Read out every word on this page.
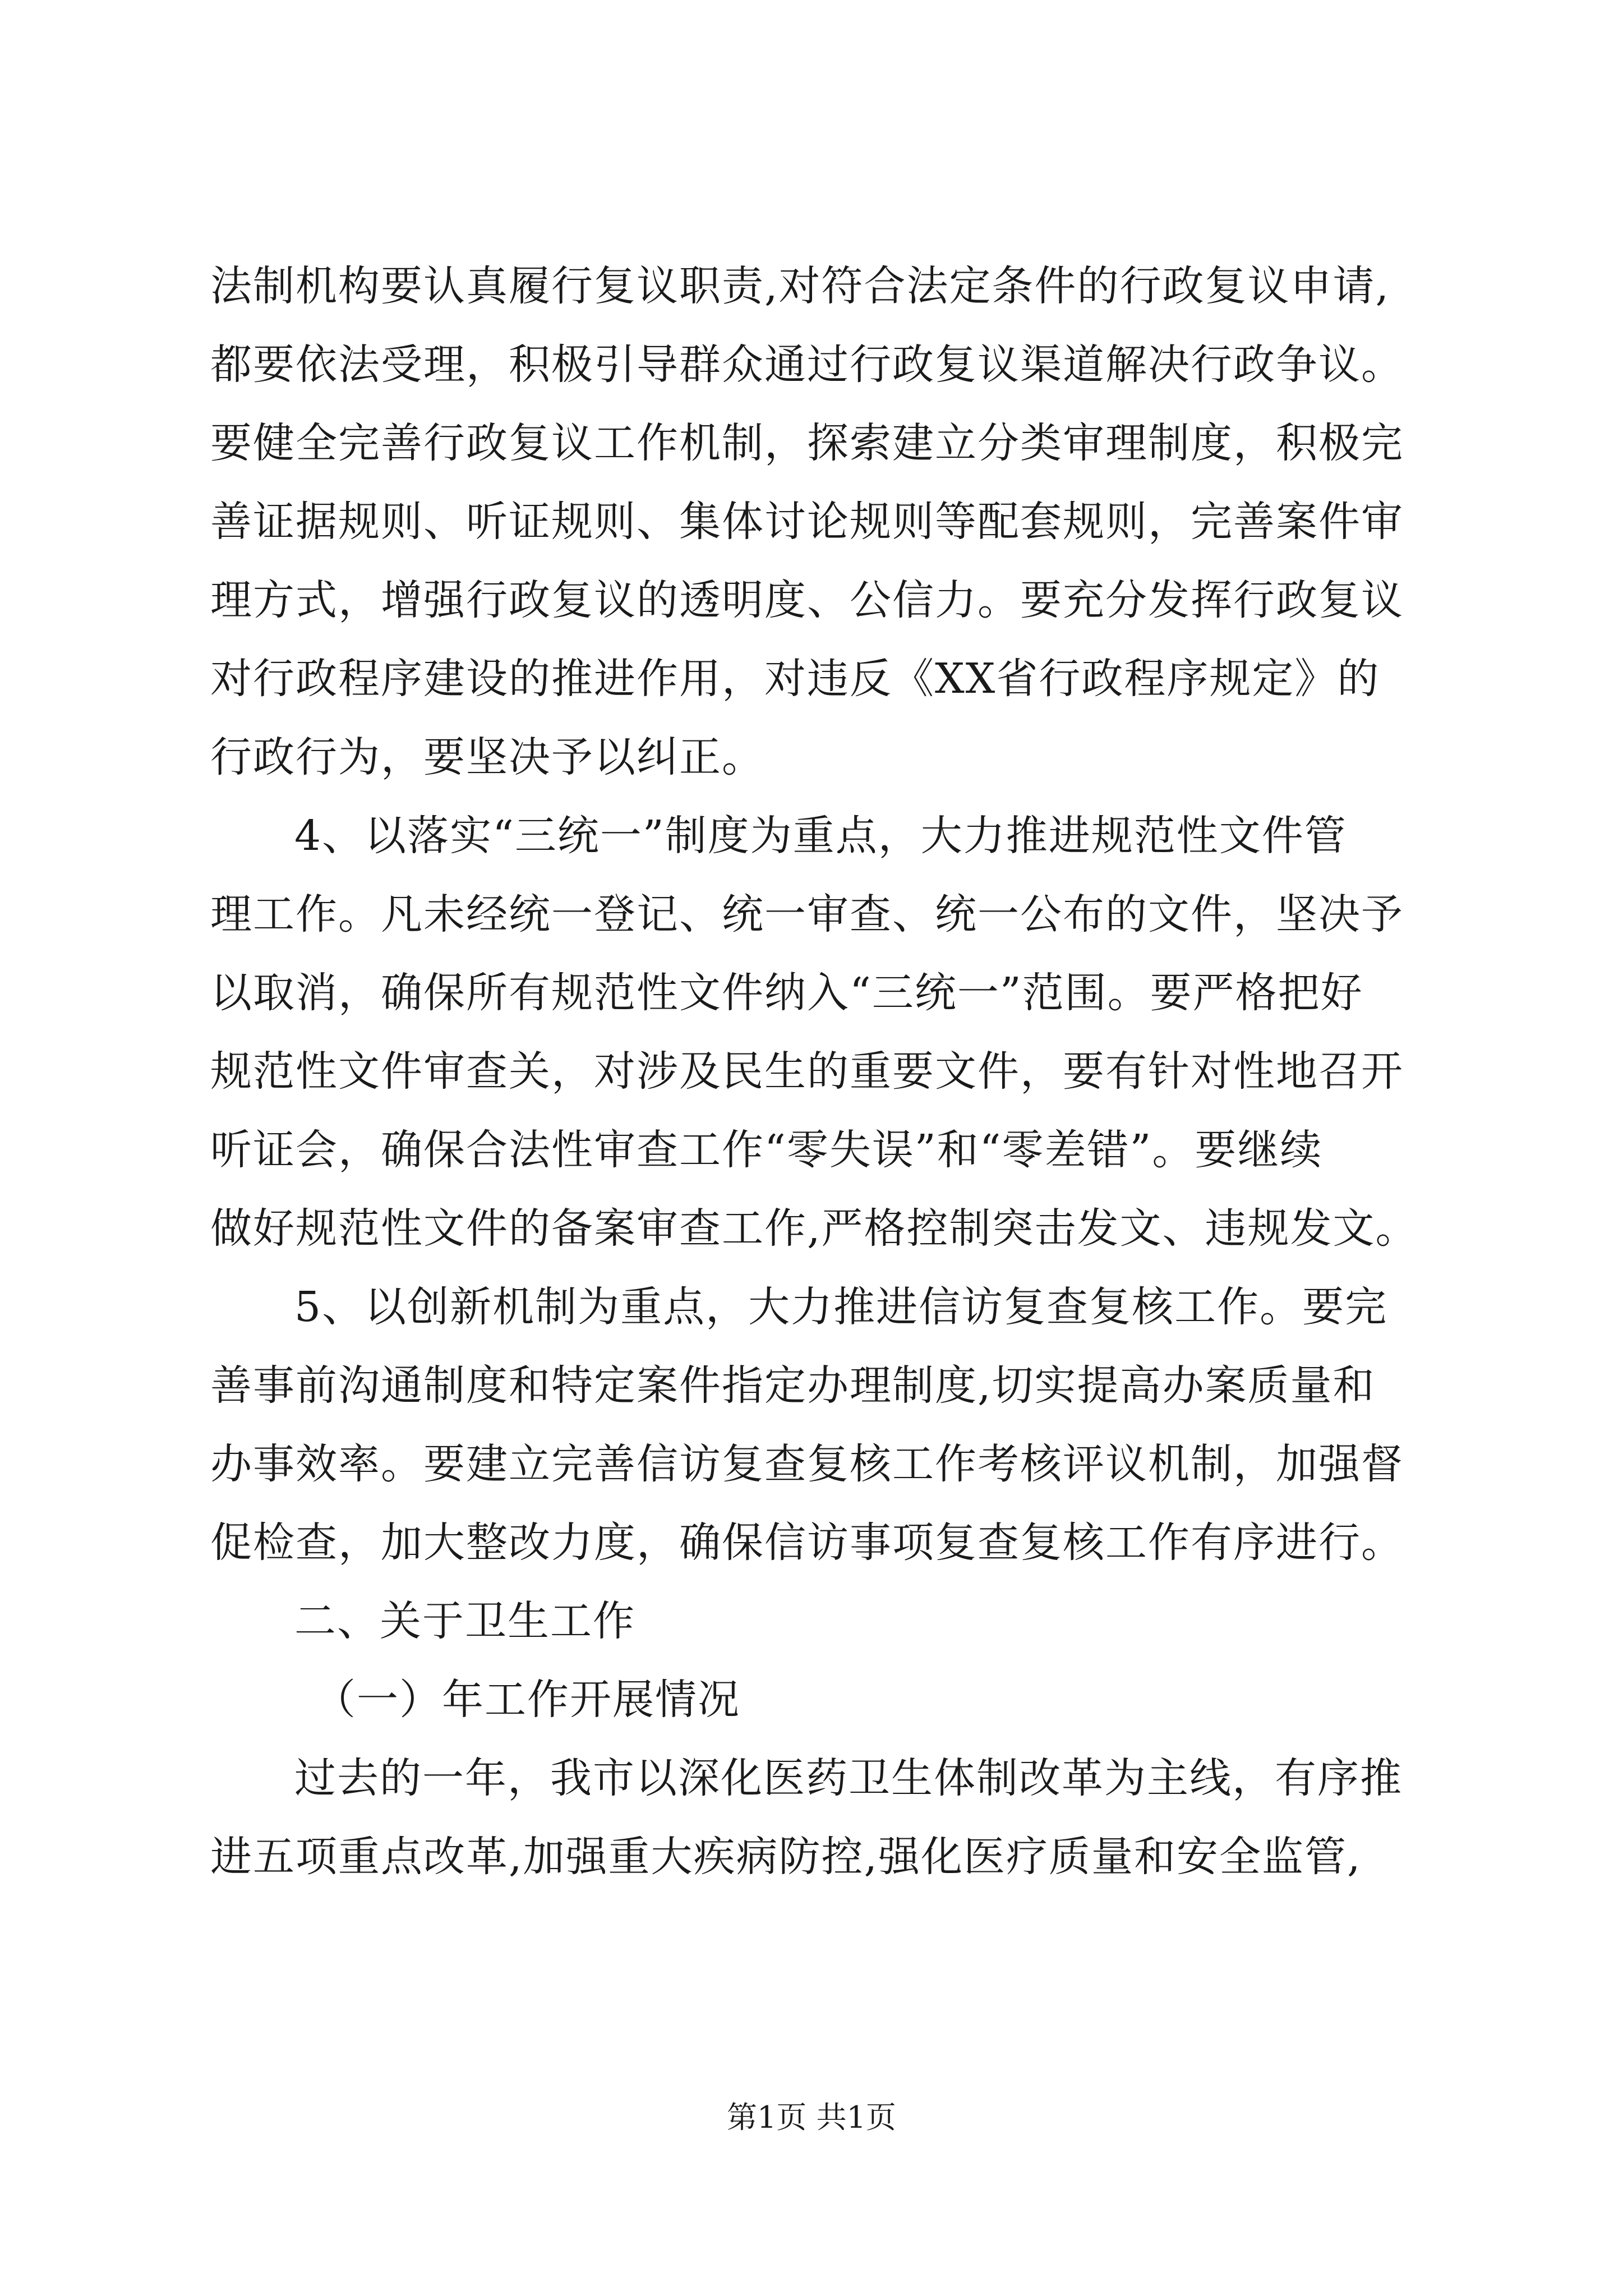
法制机构要认真履行复议职责,对符合法定条件的行政复议申请,
都要依法受理，积极引导群众通过行政复议渠道解决行政争议。
要健全完善行政复议工作机制，探索建立分类审理制度，积极完
善证据规则、听证规则、集体讨论规则等配套规则，完善案件审
理方式，增强行政复议的透明度、公信力。要充分发挥行政复议
对行政程序建设的推进作用，对违反《XX省行政程序规定》的
行政行为，要坚决予以纠正。
4、以落实“三统一”制度为重点，大力推进规范性文件管
理工作。凡未经统一登记、统一审查、统一公布的文件，坚决予
以取消，确保所有规范性文件纳入“三统一”范围。要严格把好
规范性文件审查关，对涉及民生的重要文件，要有针对性地召开
听证会，确保合法性审查工作“零失误”和“零差错”。要继续
做好规范性文件的备案审查工作,严格控制突击发文、违规发文。
5、以创新机制为重点，大力推进信访复查复核工作。要完
善事前沟通制度和特定案件指定办理制度,切实提高办案质量和
办事效率。要建立完善信访复查复核工作考核评议机制，加强督
促检查，加大整改力度，确保信访事项复查复核工作有序进行。
二、关于卫生工作
（一）年工作开展情况
过去的一年，我市以深化医药卫生体制改革为主线，有序推
进五项重点改革,加强重大疾病防控,强化医疗质量和安全监管,
第1页 共1页
